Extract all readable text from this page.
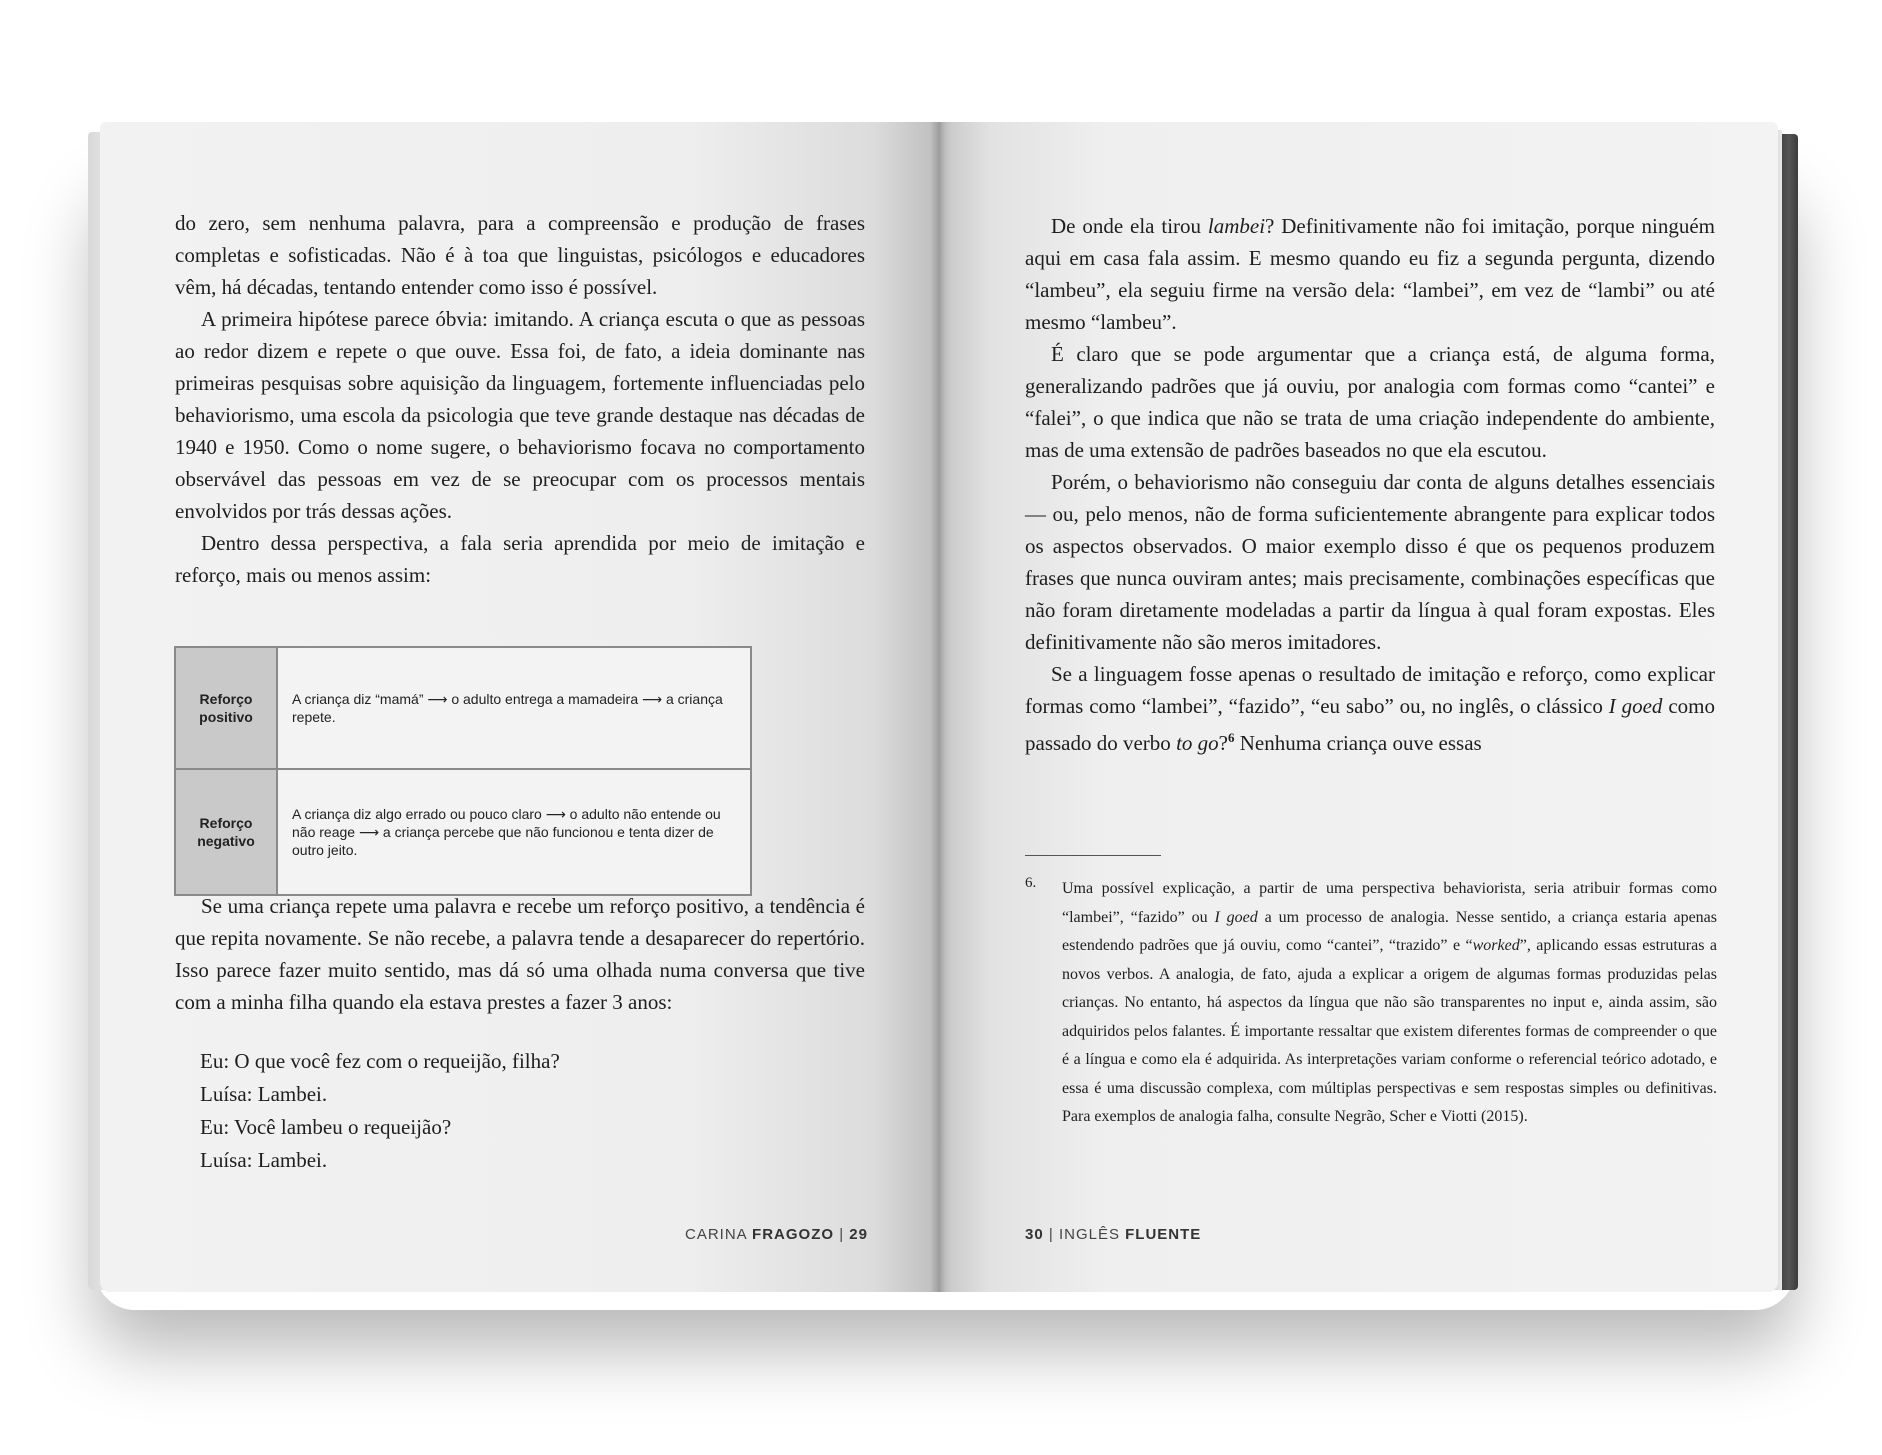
do zero, sem nenhuma palavra, para a compreensão e produção de frases completas e sofisticadas. Não é à toa que linguistas, psicólogos e educadores vêm, há décadas, tentando entender como isso é possível.

A primeira hipótese parece óbvia: imitando. A criança escuta o que as pessoas ao redor dizem e repete o que ouve. Essa foi, de fato, a ideia dominante nas primeiras pesquisas sobre aquisição da linguagem, fortemente influenciadas pelo behaviorismo, uma escola da psicologia que teve grande destaque nas décadas de 1940 e 1950. Como o nome sugere, o behaviorismo focava no comportamento observável das pessoas em vez de se preocupar com os processos mentais envolvidos por trás dessas ações.

Dentro dessa perspectiva, a fala seria aprendida por meio de imitação e reforço, mais ou menos assim:

Reforço
positivo	A criança diz “mamá” ⟶ o adulto entrega a mamadeira ⟶ a criança repete.
Reforço
negativo	A criança diz algo errado ou pouco claro ⟶ o adulto não entende ou não reage ⟶ a criança percebe que não funcionou e tenta dizer de outro jeito.

Se uma criança repete uma palavra e recebe um reforço positivo, a tendência é que repita novamente. Se não recebe, a palavra tende a desaparecer do repertório. Isso parece fazer muito sentido, mas dá só uma olhada numa conversa que tive com a minha filha quando ela estava prestes a fazer 3 anos:

Eu: O que você fez com o requeijão, filha?
Luísa: Lambei.
Eu: Você lambeu o requeijão?
Luísa: Lambei.
CARINA FRAGOZO | 29

De onde ela tirou lambei? Definitivamente não foi imitação, porque ninguém aqui em casa fala assim. E mesmo quando eu fiz a segunda pergunta, dizendo “lambeu”, ela seguiu firme na versão dela: “lambei”, em vez de “lambi” ou até mesmo “lambeu”.

É claro que se pode argumentar que a criança está, de alguma forma, generalizando padrões que já ouviu, por analogia com formas como “cantei” e “falei”, o que indica que não se trata de uma criação independente do ambiente, mas de uma extensão de padrões baseados no que ela escutou.

Porém, o behaviorismo não conseguiu dar conta de alguns detalhes essenciais — ou, pelo menos, não de forma suficientemente abrangente para explicar todos os aspectos observados. O maior exemplo disso é que os pequenos produzem frases que nunca ouviram antes; mais precisamente, combinações específicas que não foram diretamente modeladas a partir da língua à qual foram expostas. Eles definitivamente não são meros imitadores.

Se a linguagem fosse apenas o resultado de imitação e reforço, como explicar formas como “lambei”, “fazido”, “eu sabo” ou, no inglês, o clássico I goed como passado do verbo to go?$^6$ Nenhuma criança ouve essas

6. Uma possível explicação, a partir de uma perspectiva behaviorista, seria atribuir formas como “lambei”, “fazido” ou I goed a um processo de analogia. Nesse sentido, a criança estaria apenas estendendo padrões que já ouviu, como “cantei”, “trazido” e “worked”, aplicando essas estruturas a novos verbos. A analogia, de fato, ajuda a explicar a origem de algumas formas produzidas pelas crianças. No entanto, há aspectos da língua que não são transparentes no input e, ainda assim, são adquiridos pelos falantes. É importante ressaltar que existem diferentes formas de compreender o que é a língua e como ela é adquirida. As interpretações variam conforme o referencial teórico adotado, e essa é uma discussão complexa, com múltiplas perspectivas e sem respostas simples ou definitivas. Para exemplos de analogia falha, consulte Negrão, Scher e Viotti (2015).
30 | INGLÊS FLUENTE
